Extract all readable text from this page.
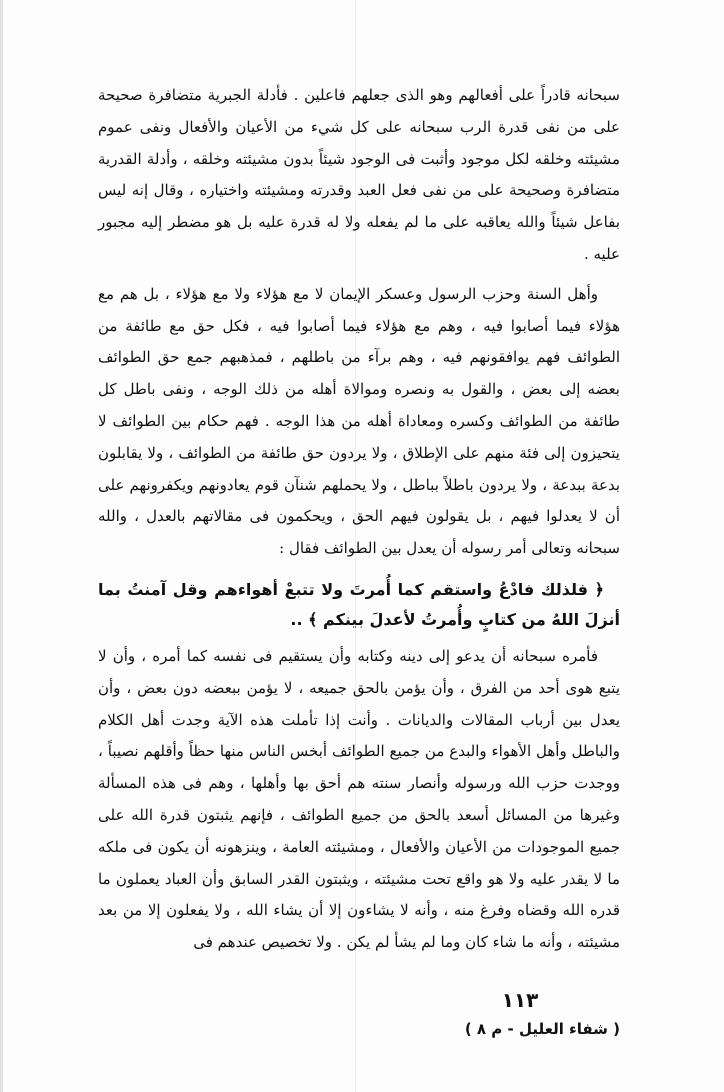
سبحانه قادراً على أفعالهم وهو الذى جعلهم فاعلين . فأدلة الجبرية متضافرة صحيحة على من نفى قدرة الرب سبحانه على كل شيء من الأعيان والأفعال ونفى عموم مشيئته وخلقه لكل موجود وأثبت فى الوجود شيئاً بدون مشيئته وخلقه ، وأدلة القدرية متضافرة وصحيحة على من نفى فعل العبد وقدرته ومشيئته واختياره ، وقال إنه ليس بفاعل شيئاً والله يعاقبه على ما لم يفعله ولا له قدرة عليه بل هو مضطر إليه مجبور عليه .

وأهل السنة وحزب الرسول وعسكر الإيمان لا مع هؤلاء ولا مع هؤلاء ، بل هم مع هؤلاء فيما أصابوا فيه ، وهم مع هؤلاء فيما أصابوا فيه ، فكل حق مع طائفة من الطوائف فهم يوافقونهم فيه ، وهم برآء من باطلهم ، فمذهبهم جمع حق الطوائف بعضه إلى بعض ، والقول به ونصره وموالاة أهله من ذلك الوجه ، ونفى باطل كل طائفة من الطوائف وكسره ومعاداة أهله من هذا الوجه . فهم حكام بين الطوائف لا يتحيزون إلى فئة منهم على الإطلاق ، ولا يردون حق طائفة من الطوائف ، ولا يقابلون بدعة ببدعة ، ولا يردون باطلاً بباطل ، ولا يحملهم شنآن قوم يعادونهم ويكفرونهم على أن لا يعدلوا فيهم ، بل يقولون فيهم الحق ، ويحكمون فى مقالاتهم بالعدل ، والله سبحانه وتعالى أمر رسوله أن يعدل بين الطوائف فقال :

﴿ فلذلك فادْعُ واستقم كما أُمرتَ ولا تتبعْ أهواءهم وقل آمنتُ بما أنزلَ اللهُ من كتابٍ وأُمرتُ لأعدلَ بينكم ﴾ ..

فأمره سبحانه أن يدعو إلى دينه وكتابه وأن يستقيم فى نفسه كما أمره ، وأن لا يتبع هوى أحد من الفرق ، وأن يؤمن بالحق جميعه ، لا يؤمن ببعضه دون بعض ، وأن يعدل بين أرباب المقالات والديانات . وأنت إذا تأملت هذه الآية وجدت أهل الكلام والباطل وأهل الأهواء والبدع من جميع الطوائف أبخس الناس منها حظاً وأقلهم نصيباً ، ووجدت حزب الله ورسوله وأنصار سنته هم أحق بها وأهلها ، وهم فى هذه المسألة وغيرها من المسائل أسعد بالحق من جميع الطوائف ، فإنهم يثبتون قدرة الله على جميع الموجودات من الأعيان والأفعال ، ومشيئته العامة ، وينزهونه أن يكون فى ملكه ما لا يقدر عليه ولا هو واقع تحت مشيئته ، ويثبتون القدر السابق وأن العباد يعملون ما قدره الله وقضاه وفرغ منه ، وأنه لا يشاءون إلا أن يشاء الله ، ولا يفعلون إلا من بعد مشيئته ، وأنه ما شاء كان وما لم يشأ لم يكن . ولا تخصيص عندهم فى

١١٣
( شفاء العليل - م ٨ )
